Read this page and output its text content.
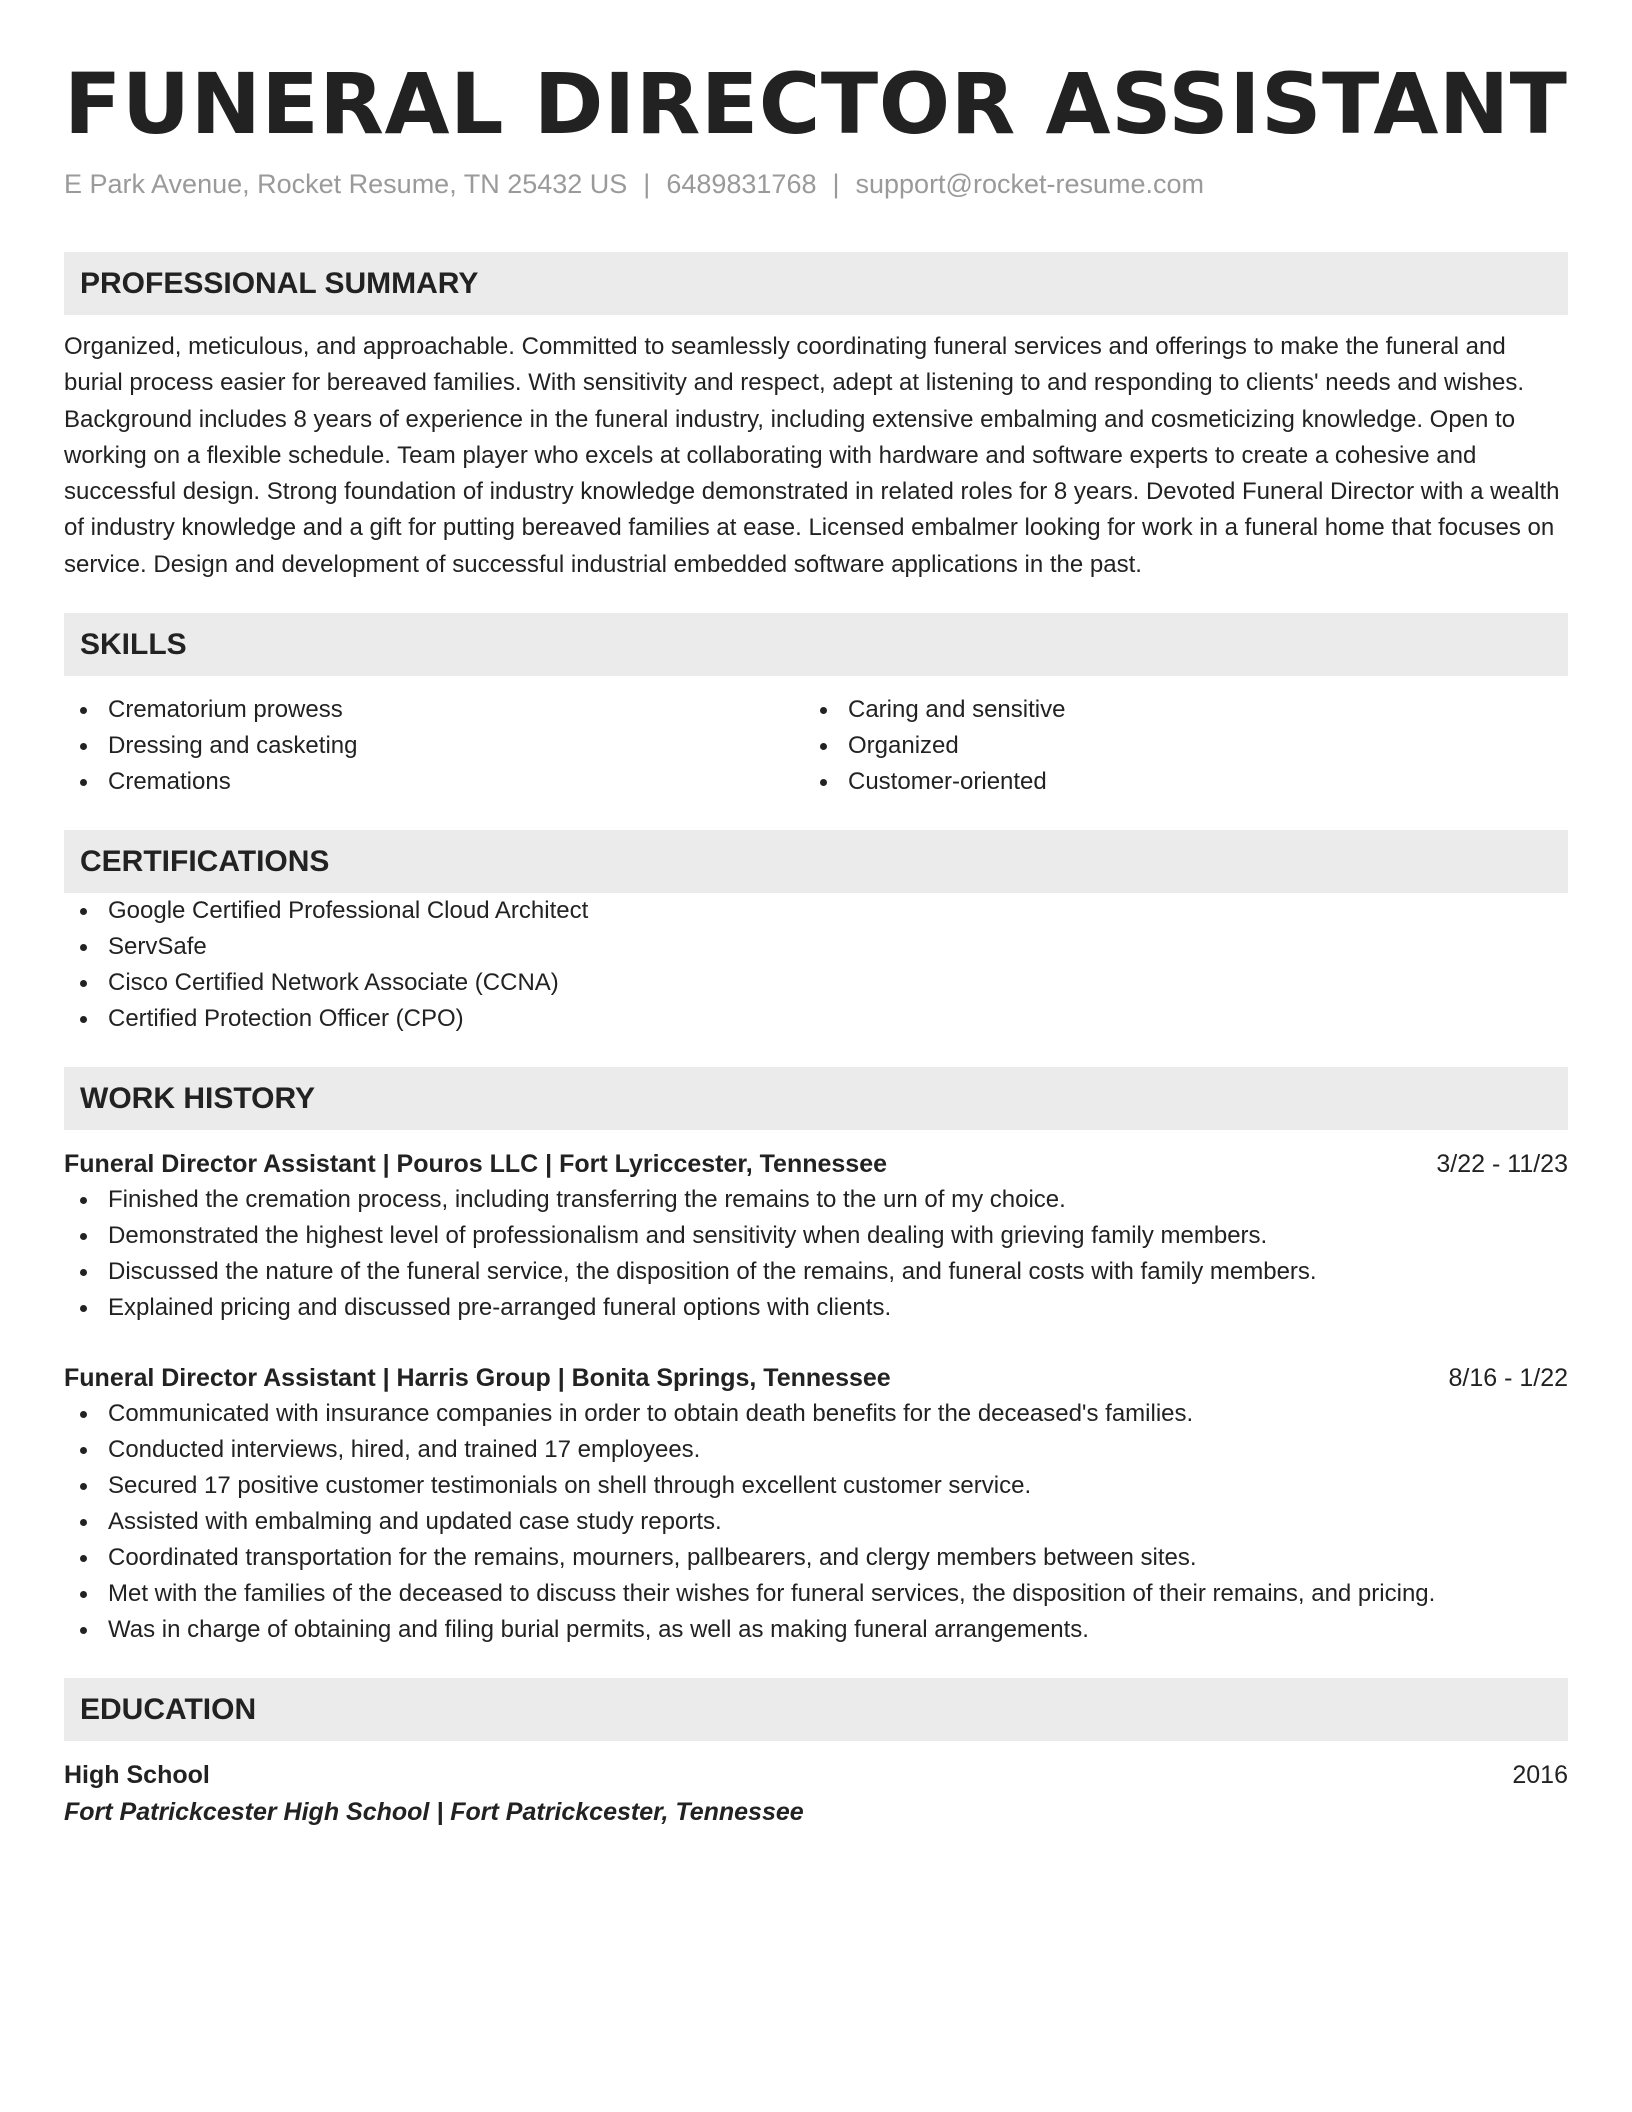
FUNERAL DIRECTOR ASSISTANT
E Park Avenue, Rocket Resume, TN 25432 US | 6489831768 | support@rocket-resume.com
PROFESSIONAL SUMMARY
Organized, meticulous, and approachable. Committed to seamlessly coordinating funeral services and offerings to make the funeral and burial process easier for bereaved families. With sensitivity and respect, adept at listening to and responding to clients' needs and wishes. Background includes 8 years of experience in the funeral industry, including extensive embalming and cosmeticizing knowledge. Open to working on a flexible schedule. Team player who excels at collaborating with hardware and software experts to create a cohesive and successful design. Strong foundation of industry knowledge demonstrated in related roles for 8 years. Devoted Funeral Director with a wealth of industry knowledge and a gift for putting bereaved families at ease. Licensed embalmer looking for work in a funeral home that focuses on service. Design and development of successful industrial embedded software applications in the past.
SKILLS
Crematorium prowess
Dressing and casketing
Cremations
Caring and sensitive
Organized
Customer-oriented
CERTIFICATIONS
Google Certified Professional Cloud Architect
ServSafe
Cisco Certified Network Associate (CCNA)
Certified Protection Officer (CPO)
WORK HISTORY
Funeral Director Assistant | Pouros LLC | Fort Lyriccester, Tennessee	3/22 - 11/23
Finished the cremation process, including transferring the remains to the urn of my choice.
Demonstrated the highest level of professionalism and sensitivity when dealing with grieving family members.
Discussed the nature of the funeral service, the disposition of the remains, and funeral costs with family members.
Explained pricing and discussed pre-arranged funeral options with clients.
Funeral Director Assistant | Harris Group | Bonita Springs, Tennessee	8/16 - 1/22
Communicated with insurance companies in order to obtain death benefits for the deceased's families.
Conducted interviews, hired, and trained 17 employees.
Secured 17 positive customer testimonials on shell through excellent customer service.
Assisted with embalming and updated case study reports.
Coordinated transportation for the remains, mourners, pallbearers, and clergy members between sites.
Met with the families of the deceased to discuss their wishes for funeral services, the disposition of their remains, and pricing.
Was in charge of obtaining and filing burial permits, as well as making funeral arrangements.
EDUCATION
High School	2016
Fort Patrickcester High School | Fort Patrickcester, Tennessee
